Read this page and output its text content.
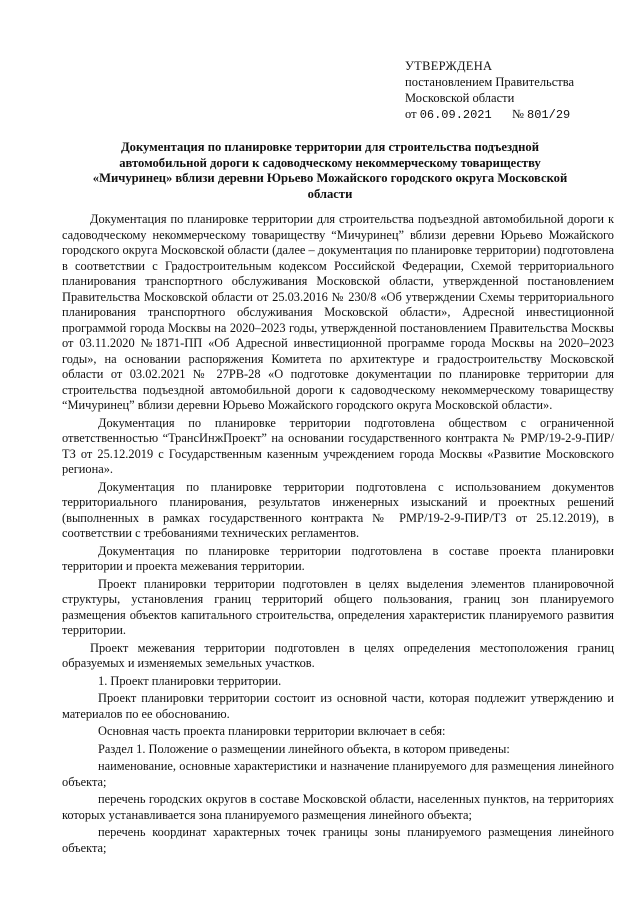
УТВЕРЖДЕНА
постановлением Правительства
Московской области
от 06.09.2021 № 801/29
Документация по планировке территории для строительства подъездной автомобильной дороги к садоводческому некоммерческому товариществу «Мичуринец» вблизи деревни Юрьево Можайского городского округа Московской области

Документация по планировке территории для строительства подъездной автомобильной дороги к садоводческому некоммерческому товариществу “Мичуринец” вблизи деревни Юрьево Можайского городского округа Московской области (далее – документация по планировке территории) подготовлена в соответствии с Градостроительным кодексом Российской Федерации, Схемой территориального планирования транспортного обслуживания Московской области, утвержденной постановлением Правительства Московской области от 25.03.2016 № 230/8 «Об утверждении Схемы территориального планирования транспортного обслуживания Московской области», Адресной инвестиционной программой города Москвы на 2020–2023 годы, утвержденной постановлением Правительства Москвы от 03.11.2020 №1871-ПП «Об Адресной инвестиционной программе города Москвы на 2020–2023 годы», на основании распоряжения Комитета по архитектуре и градостроительству Московской области от 03.02.2021 № 27РВ-28 «О подготовке документации по планировке территории для строительства подъездной автомобильной дороги к садоводческому некоммерческому товариществу “Мичуринец” вблизи деревни Юрьево Можайского городского округа Московской области».

Документация по планировке территории подготовлена обществом с ограниченной ответственностью “ТрансИнжПроект” на основании государственного контракта № РМР/19-2-9-ПИР/ТЗ от 25.12.2019 с Государственным казенным учреждением города Москвы «Развитие Московского региона».

Документация по планировке территории подготовлена с использованием документов территориального планирования, результатов инженерных изысканий и проектных решений (выполненных в рамках государственного контракта № РМР/19-2-9-ПИР/ТЗ от 25.12.2019), в соответствии с требованиями технических регламентов.

Документация по планировке территории подготовлена в составе проекта планировки территории и проекта межевания территории.

Проект планировки территории подготовлен в целях выделения элементов планировочной структуры, установления границ территорий общего пользования, границ зон планируемого размещения объектов капитального строительства, определения характеристик планируемого развития территории.

Проект межевания территории подготовлен в целях определения местоположения границ образуемых и изменяемых земельных участков.

1. Проект планировки территории.

Проект планировки территории состоит из основной части, которая подлежит утверждению и материалов по ее обоснованию.

Основная часть проекта планировки территории включает в себя:

Раздел 1. Положение о размещении линейного объекта, в котором приведены:

наименование, основные характеристики и назначение планируемого для размещения линейного объекта;

перечень городских округов в составе Московской области, населенных пунктов, на территориях которых устанавливается зона планируемого размещения линейного объекта;

перечень координат характерных точек границы зоны планируемого размещения линейного объекта;
